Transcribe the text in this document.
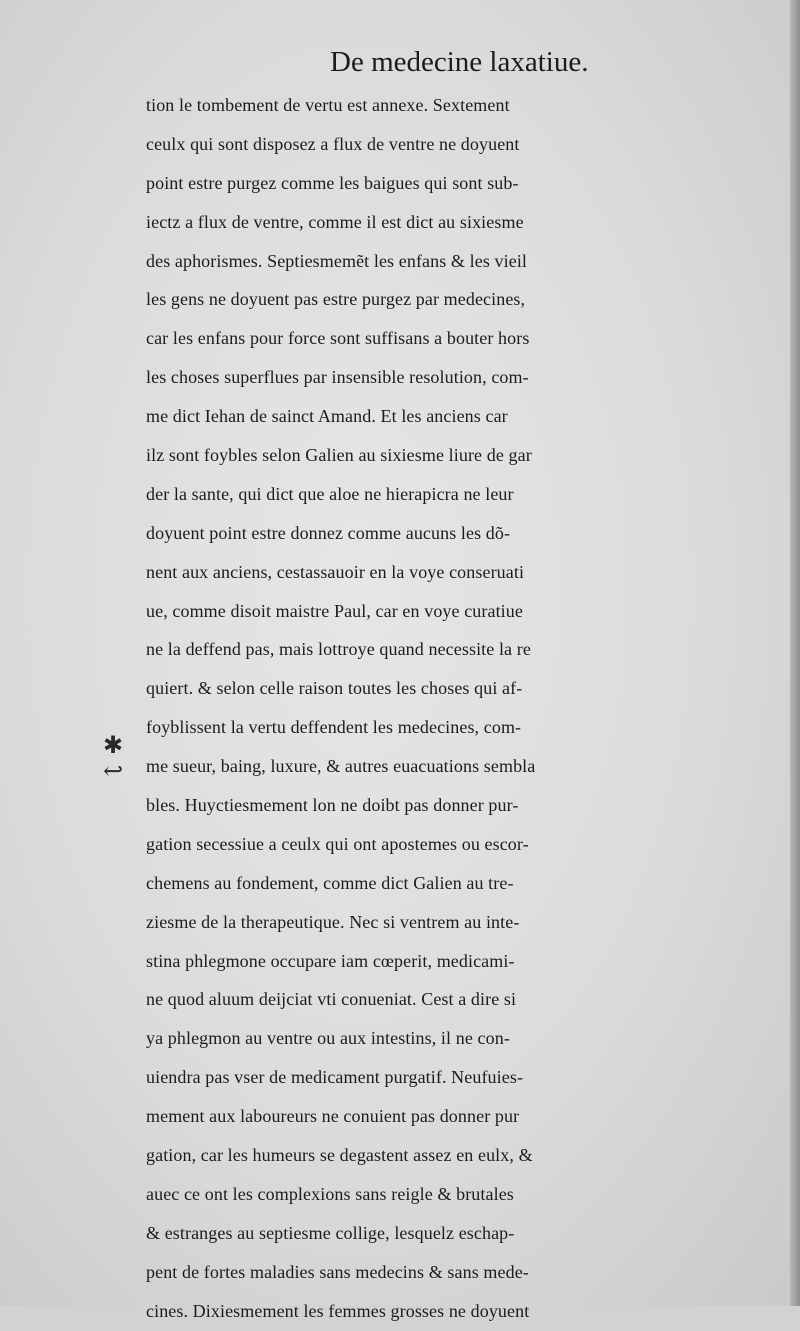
De medecine laxatiue.
✱
↩
tion le tombement de vertu est annexe. Sextement
ceulx qui sont disposez a flux de ventre ne doyuent
point estre purgez comme les baigues qui sont sub-
iectz a flux de ventre, comme il est dict au sixiesme
des aphorismes. Septiesmemẽt les enfans & les vieil
les gens ne doyuent pas estre purgez par medecines,
car les enfans pour force sont suffisans a bouter hors
les choses superflues par insensible resolution, com-
me dict Iehan de sainct Amand. Et les anciens car
ilz sont foybles selon Galien au sixiesme liure de gar
der la sante, qui dict que aloe ne hierapicra ne leur
doyuent point estre donnez comme aucuns les dõ-
nent aux anciens, cestassauoir en la voye conseruati
ue, comme disoit maistre Paul, car en voye curatiue
ne la deffend pas, mais lottroye quand necessite la re
quiert. & selon celle raison toutes les choses qui af-
foyblissent la vertu deffendent les medecines, com-
me sueur, baing, luxure, & autres euacuations sembla
bles. Huyctiesmement lon ne doibt pas donner pur-
gation secessiue a ceulx qui ont apostemes ou escor-
chemens au fondement, comme dict Galien au tre-
ziesme de la therapeutique. Nec si ventrem au inte-
stina phlegmone occupare iam cœperit, medicami-
ne quod aluum deijciat vti conueniat. Cest a dire si
ya phlegmon au ventre ou aux intestins, il ne con-
uiendra pas vser de medicament purgatif. Neufuies-
mement aux laboureurs ne conuient pas donner pur
gation, car les humeurs se degastent assez en eulx, &
auec ce ont les complexions sans reigle & brutales
& estranges au septiesme collige, lesquelz eschap-
pent de fortes maladies sans medecins & sans mede-
cines. Dixiesmement les femmes grosses ne doyuent
